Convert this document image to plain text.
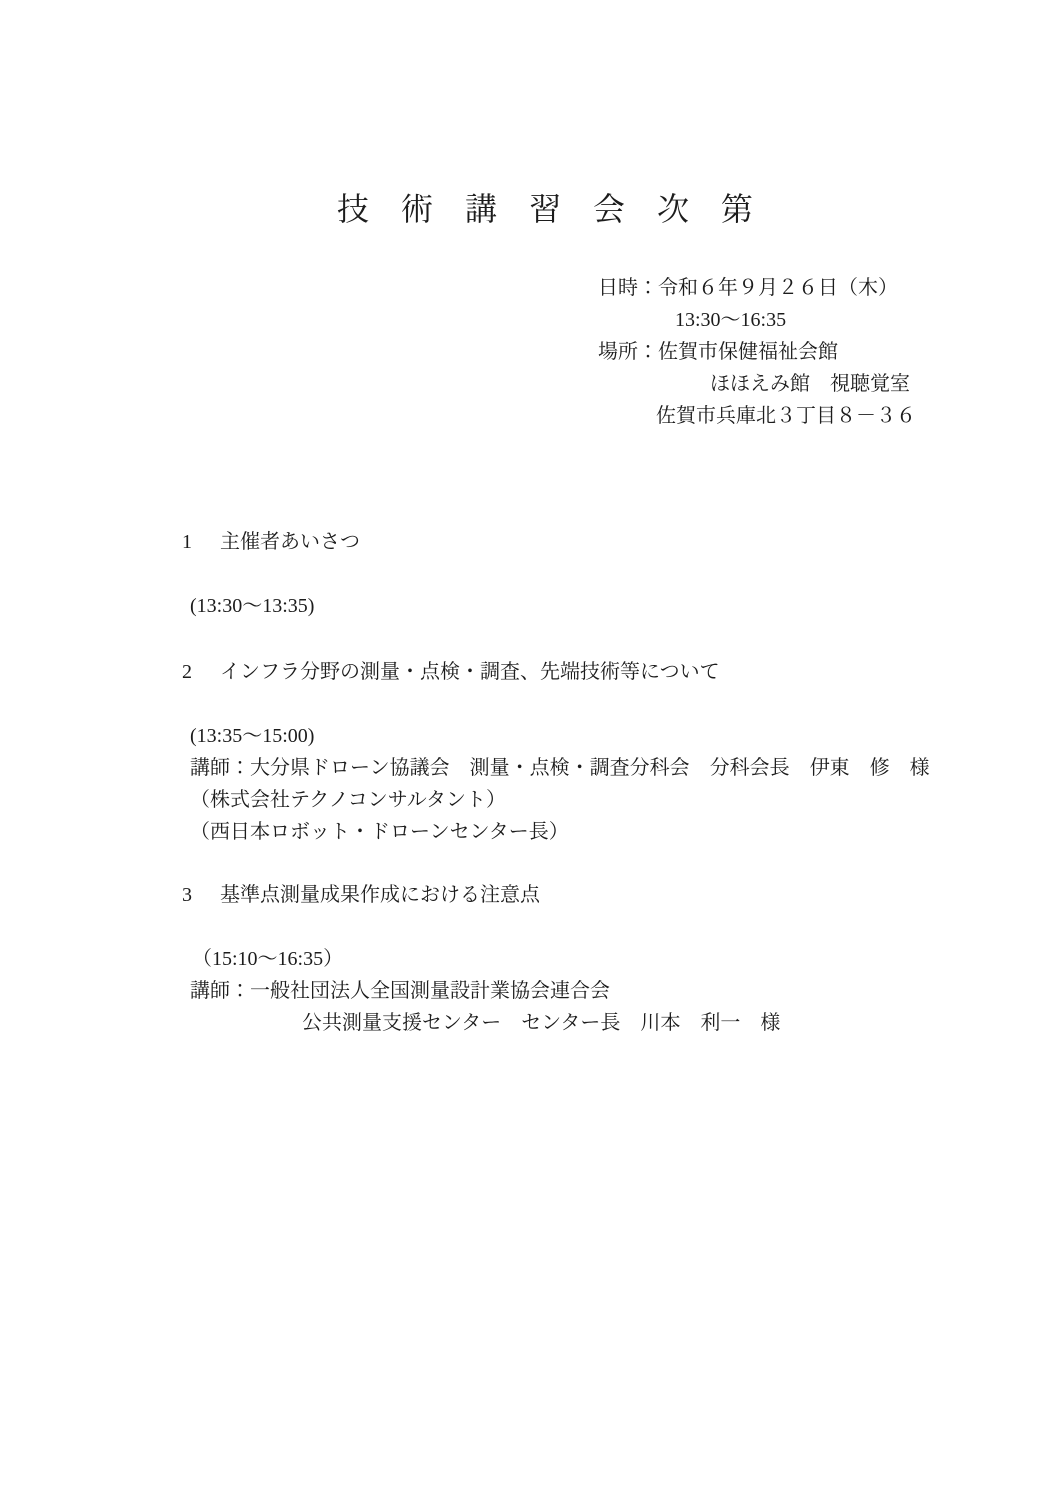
技　術　講　習　会　次　第
日時：令和６年９月２６日（木）
13:30～16:35
場所：佐賀市保健福祉会館
ほほえみ館　視聴覚室
佐賀市兵庫北３丁目８－３６

1 主催者あいさつ

(13:30～13:35)

2 インフラ分野の測量・点検・調査、先端技術等について

(13:35～15:00)
講師：大分県ドローン協議会　測量・点検・調査分科会　分科会長　伊東　修　様
（株式会社テクノコンサルタント）
（西日本ロボット・ドローンセンター長）

3 基準点測量成果作成における注意点

（15:10～16:35）
講師：一般社団法人全国測量設計業協会連合会
公共測量支援センター　センター長　川本　利一　様
